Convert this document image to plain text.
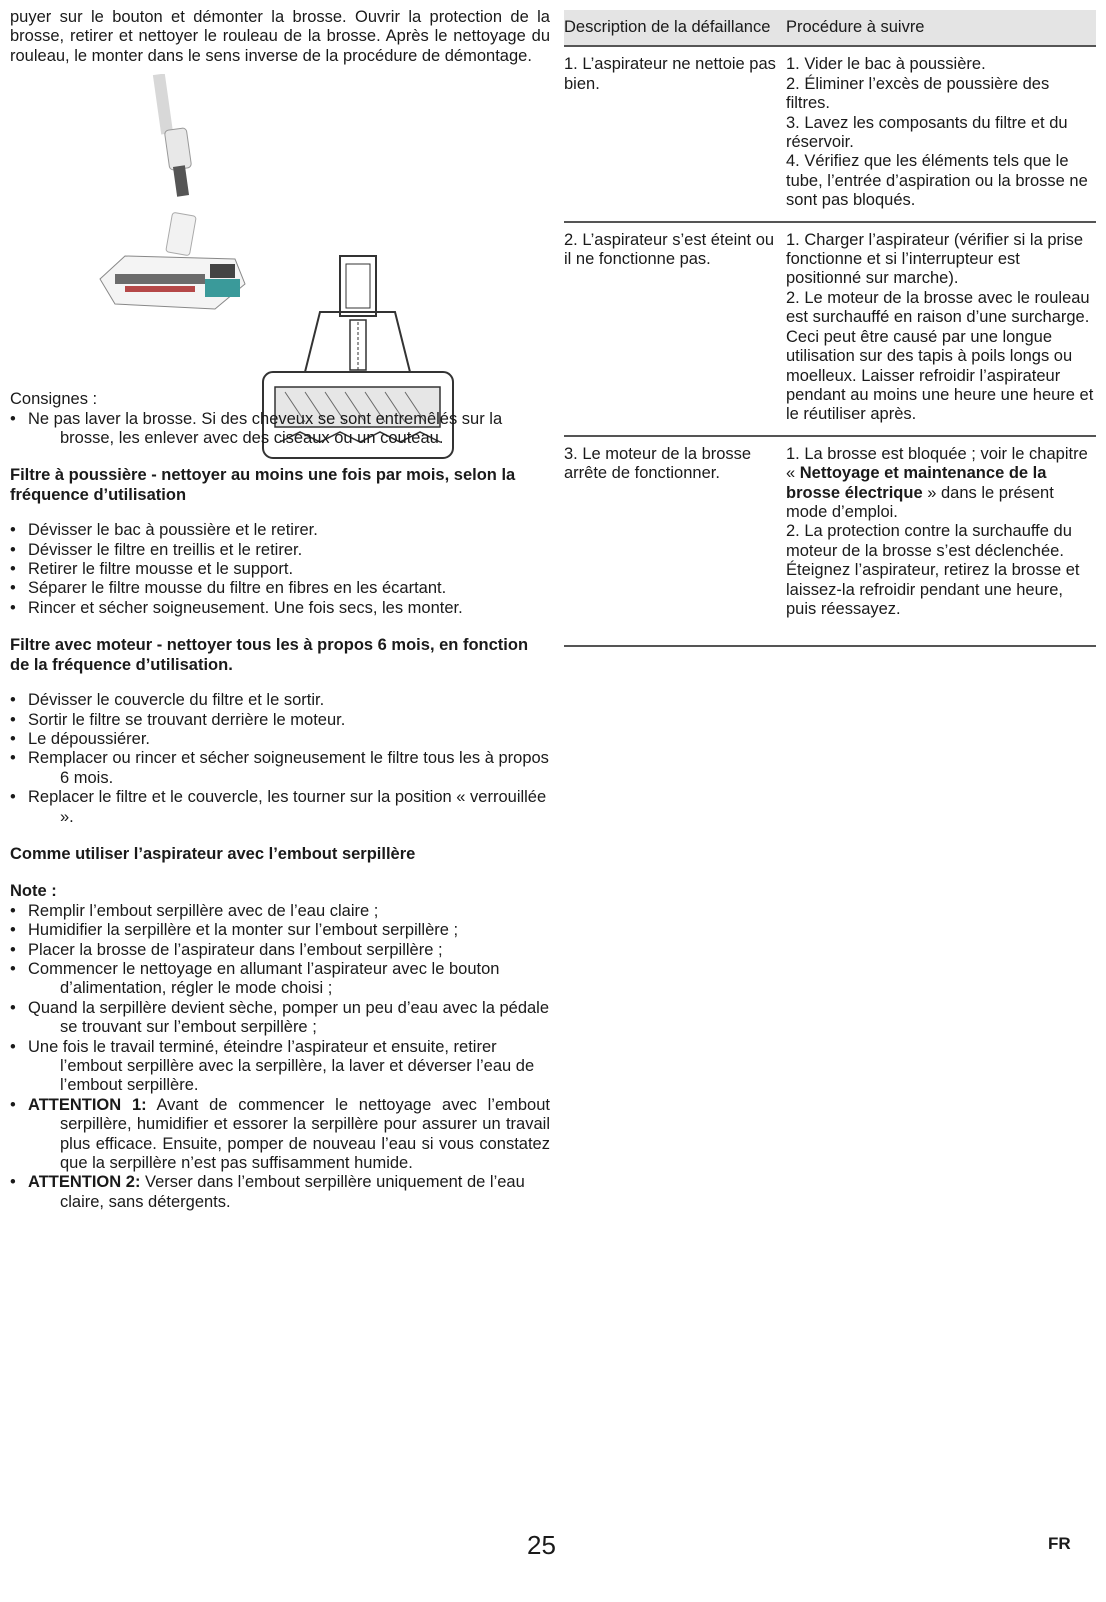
puyer sur le bouton et démonter la brosse. Ouvrir la protection de la brosse, retirer et nettoyer le rouleau de la brosse. Après le nettoyage du rouleau, le monter dans le sens inverse de la procédure de démontage.

Consignes :

• Ne pas laver la brosse. Si des cheveux se sont entremêlés sur la brosse, les enlever avec des ciseaux ou un couteau.

Filtre à poussière - nettoyer au moins une fois par mois, selon la fréquence d’utilisation

• Dévisser le bac à poussière et le retirer.
• Dévisser le filtre en treillis et le retirer.
• Retirer le filtre mousse et le support.
• Séparer le filtre mousse du filtre en fibres en les écartant.
• Rincer et sécher soigneusement. Une fois secs, les monter.

Filtre avec moteur - nettoyer tous les à propos 6 mois, en fonction de la fréquence d’utilisation.

• Dévisser le couvercle du filtre et le sortir.
• Sortir le filtre se trouvant derrière le moteur.
• Le dépoussiérer.
• Remplacer ou rincer et sécher soigneusement le filtre tous les à propos 6 mois.
• Replacer le filtre et le couvercle, les tourner sur la position « verrouillée ».

Comme utiliser l’aspirateur avec l’embout serpillère

Note :

• Remplir l’embout serpillère avec de l’eau claire ;
• Humidifier la serpillère et la monter sur l’embout serpillère ;
• Placer la brosse de l’aspirateur dans l’embout serpillère ;
• Commencer le nettoyage en allumant l’aspirateur avec le bouton d’alimentation, régler le mode choisi ;
• Quand la serpillère devient sèche, pomper un peu d’eau avec la pédale se trouvant sur l’embout serpillère ;
• Une fois le travail terminé, éteindre l’aspirateur et ensuite, retirer l’embout serpillère avec la serpillère, la laver et déverser l’eau de l’embout serpillère.
• ATTENTION 1: Avant de commencer le nettoyage avec l’embout serpillère, humidifier et essorer la serpillère pour assurer un travail plus efficace. Ensuite, pomper de nouveau l’eau si vous constatez que la serpillère n’est pas suffisamment humide.
• ATTENTION 2: Verser dans l’embout serpillère uniquement de l’eau claire, sans détergents.
Description de la défaillance	Procédure à suivre
1. L’aspirateur ne nettoie pas bien.	1. Vider le bac à poussière.
2. Éliminer l’excès de poussière des filtres.
3. Lavez les composants du filtre et du réservoir.
4. Vérifiez que les éléments tels que le tube, l’entrée d’aspiration ou la brosse ne sont pas bloqués.

2. L’aspirateur s’est éteint ou il ne fonctionne pas.	1. Charger l’aspirateur (vérifier si la prise fonctionne et si l’interrupteur est positionné sur marche).
2. Le moteur de la brosse avec le rouleau est surchauffé en raison d’une surcharge. Ceci peut être causé par une longue utilisation sur des tapis à poils longs ou moelleux. Laisser refroidir l’aspirateur pendant au moins une heure une heure et le réutiliser après.

3. Le moteur de la brosse arrête de fonctionner.	1. La brosse est bloquée ; voir le chapitre « Nettoyage et maintenance de la brosse électrique » dans le présent mode d’emploi.
2. La protection contre la surchauffe du moteur de la brosse s’est déclenchée. Éteignez l’aspirateur, retirez la brosse et laissez-la refroidir pendant une heure, puis réessayez.
25	FR
